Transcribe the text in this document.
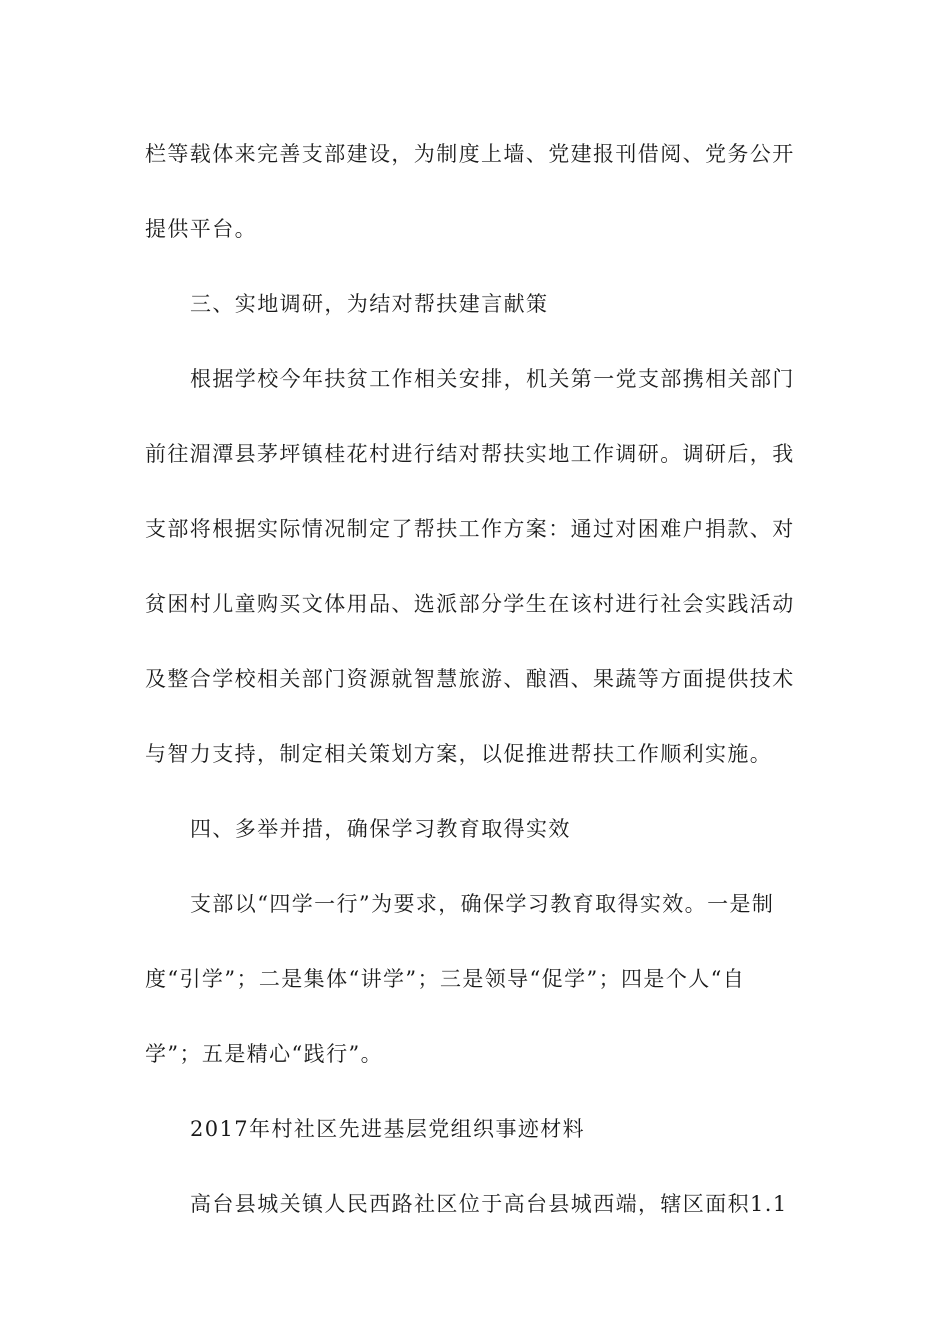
栏等载体来完善支部建设，为制度上墙、党建报刊借阅、党务公开
提供平台。
三、实地调研，为结对帮扶建言献策
根据学校今年扶贫工作相关安排，机关第一党支部携相关部门
前往湄潭县茅坪镇桂花村进行结对帮扶实地工作调研。调研后，我
支部将根据实际情况制定了帮扶工作方案：通过对困难户捐款、对
贫困村儿童购买文体用品、选派部分学生在该村进行社会实践活动
及整合学校相关部门资源就智慧旅游、酿酒、果蔬等方面提供技术
与智力支持，制定相关策划方案，以促推进帮扶工作顺利实施。
四、多举并措，确保学习教育取得实效
支部以“四学一行”为要求，确保学习教育取得实效。一是制
度“引学”；二是集体“讲学”；三是领导“促学”；四是个人“自
学”；五是精心“践行”。
2017年村社区先进基层党组织事迹材料
高台县城关镇人民西路社区位于高台县城西端，辖区面积1.1
